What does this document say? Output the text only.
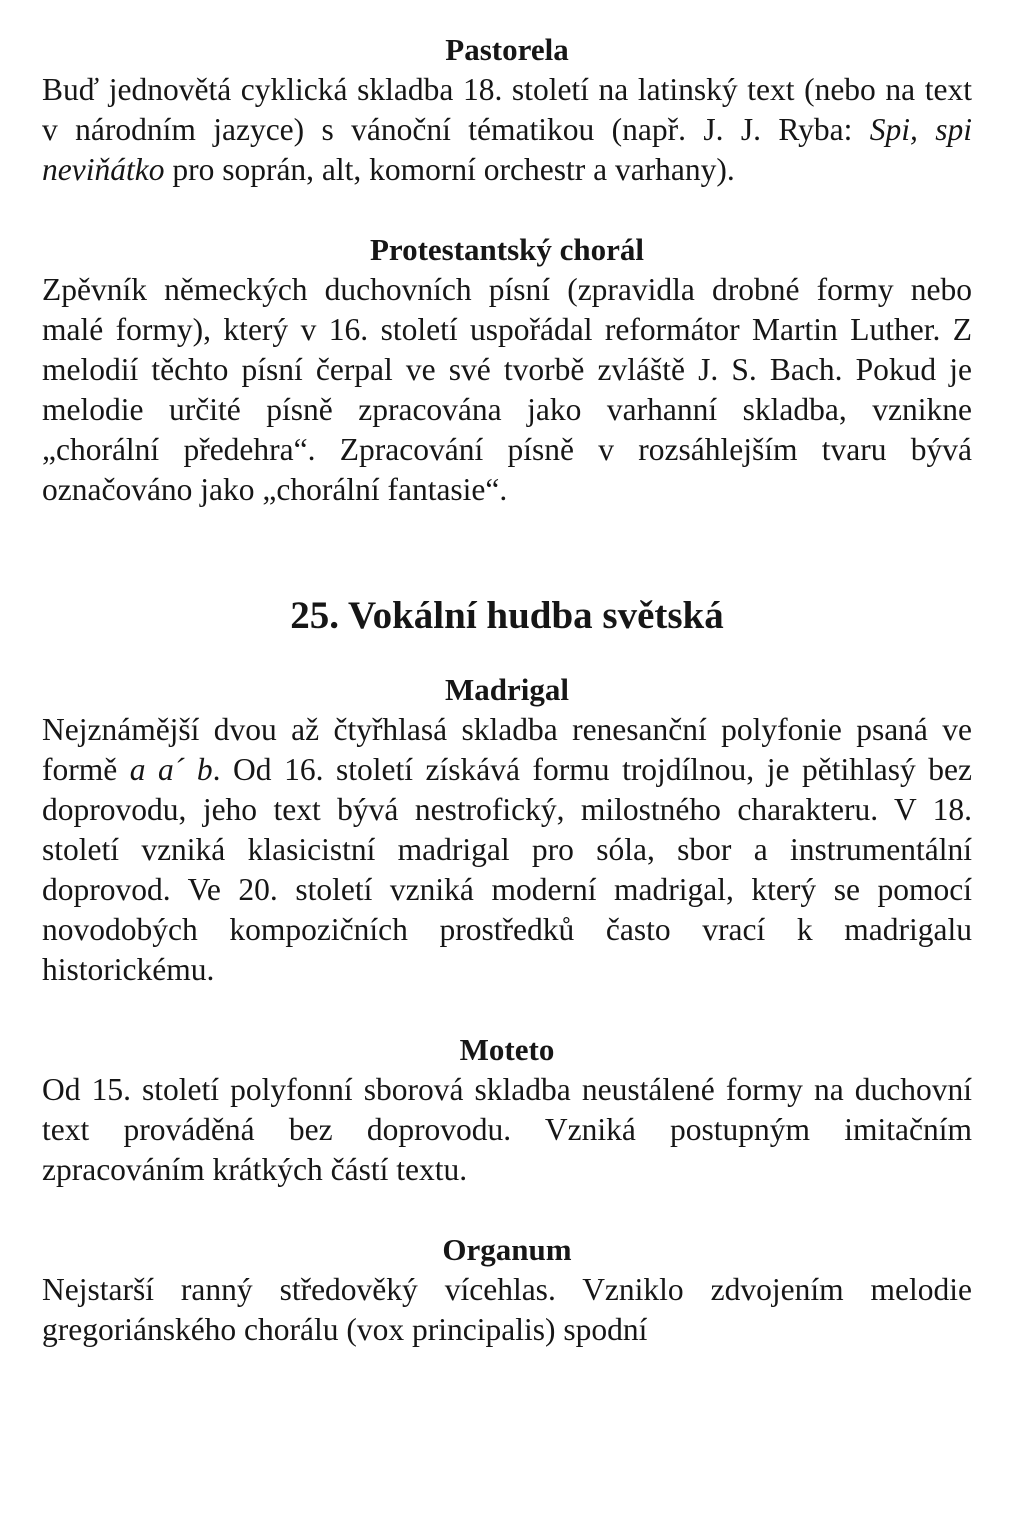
Pastorela

Buď jednovětá cyklická skladba 18. století na latinský text (nebo na text v národním jazyce) s vánoční tématikou (např. J. J. Ryba: Spi, spi neviňátko pro soprán, alt, komorní orchestr a varhany).

Protestantský chorál

Zpěvník německých duchovních písní (zpravidla drobné formy nebo malé formy), který v 16. století uspořádal reformátor Martin Luther. Z melodií těchto písní čerpal ve své tvorbě zvláště J. S. Bach. Pokud je melodie určité písně zpracována jako varhanní skladba, vznikne „chorální předehra“. Zpracování písně v rozsáhlejším tvaru bývá označováno jako „chorální fantasie“.

25. Vokální hudba světská
Madrigal

Nejznámější dvou až čtyřhlasá skladba renesanční polyfonie psaná ve formě a a´ b. Od 16. století získává formu trojdílnou, je pětihlasý bez doprovodu, jeho text bývá nestrofický, milostného charakteru. V 18. století vzniká klasicistní madrigal pro sóla, sbor a instrumentální doprovod. Ve 20. století vzniká moderní madrigal, který se pomocí novodobých kompozičních prostředků často vrací k madrigalu historickému.

Moteto

Od 15. století polyfonní sborová skladba neustálené formy na duchovní text prováděná bez doprovodu. Vzniká postupným imitačním zpracováním krátkých částí textu.

Organum

Nejstarší ranný středověký vícehlas. Vzniklo zdvojením melodie gregoriánského chorálu (vox principalis) spodní
